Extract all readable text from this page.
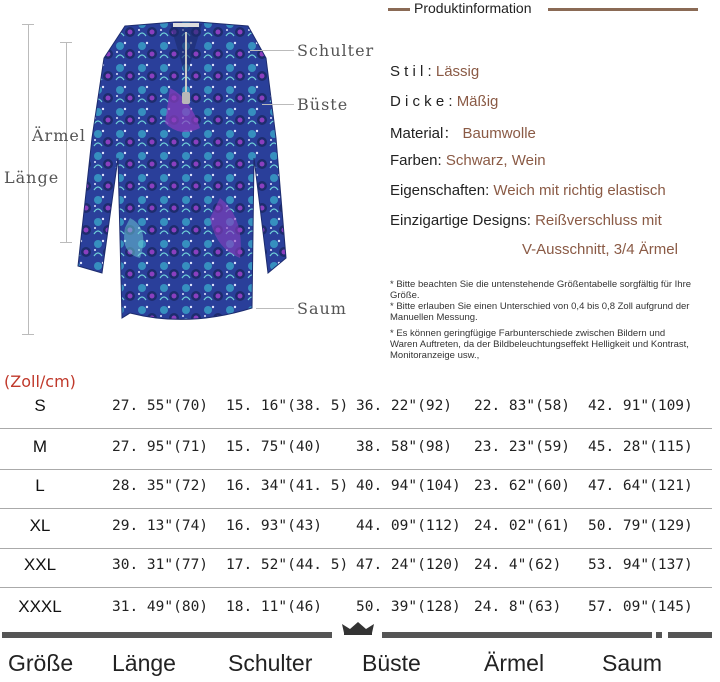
Schulter
Büste
Ärmel
Länge
Saum
Produktinformation
S t i l : Lässig
D i c k e : Mäßig
Material： Baumwolle
Farben: Schwarz, Wein
Eigenschaften: Weich mit richtig elastisch
Einzigartige Designs: Reißverschluss mit
V-Ausschnitt, 3/4 Ärmel
* Bitte beachten Sie die untenstehende Größentabelle sorgfältig für Ihre Größe.
* Bitte erlauben Sie einen Unterschied von 0,4 bis 0,8 Zoll aufgrund der Manuellen Messung.
* Es können geringfügige Farbunterschiede zwischen Bildern und Waren Auftreten, da der Bildbeleuchtungseffekt Helligkeit und Kontrast, Monitoranzeige usw.,
(Zoll/cm)
S	27. 55"(70) 15. 16"(38. 5) 36. 22"(92) 22. 83"(58) 42. 91"(109)
M	27. 95"(71) 15. 75"(40) 38. 58"(98) 23. 23"(59) 45. 28"(115)
L	28. 35"(72) 16. 34"(41. 5) 40. 94"(104) 23. 62"(60) 47. 64"(121)
XL	29. 13"(74) 16. 93"(43) 44. 09"(112) 24. 02"(61) 50. 79"(129)
XXL	30. 31"(77) 17. 52"(44. 5) 47. 24"(120) 24. 4"(62) 53. 94"(137)
XXXL	31. 49"(80) 18. 11"(46) 50. 39"(128) 24. 8"(63) 57. 09"(145)
Größe Länge Schulter Büste	Ärmel	Saum
